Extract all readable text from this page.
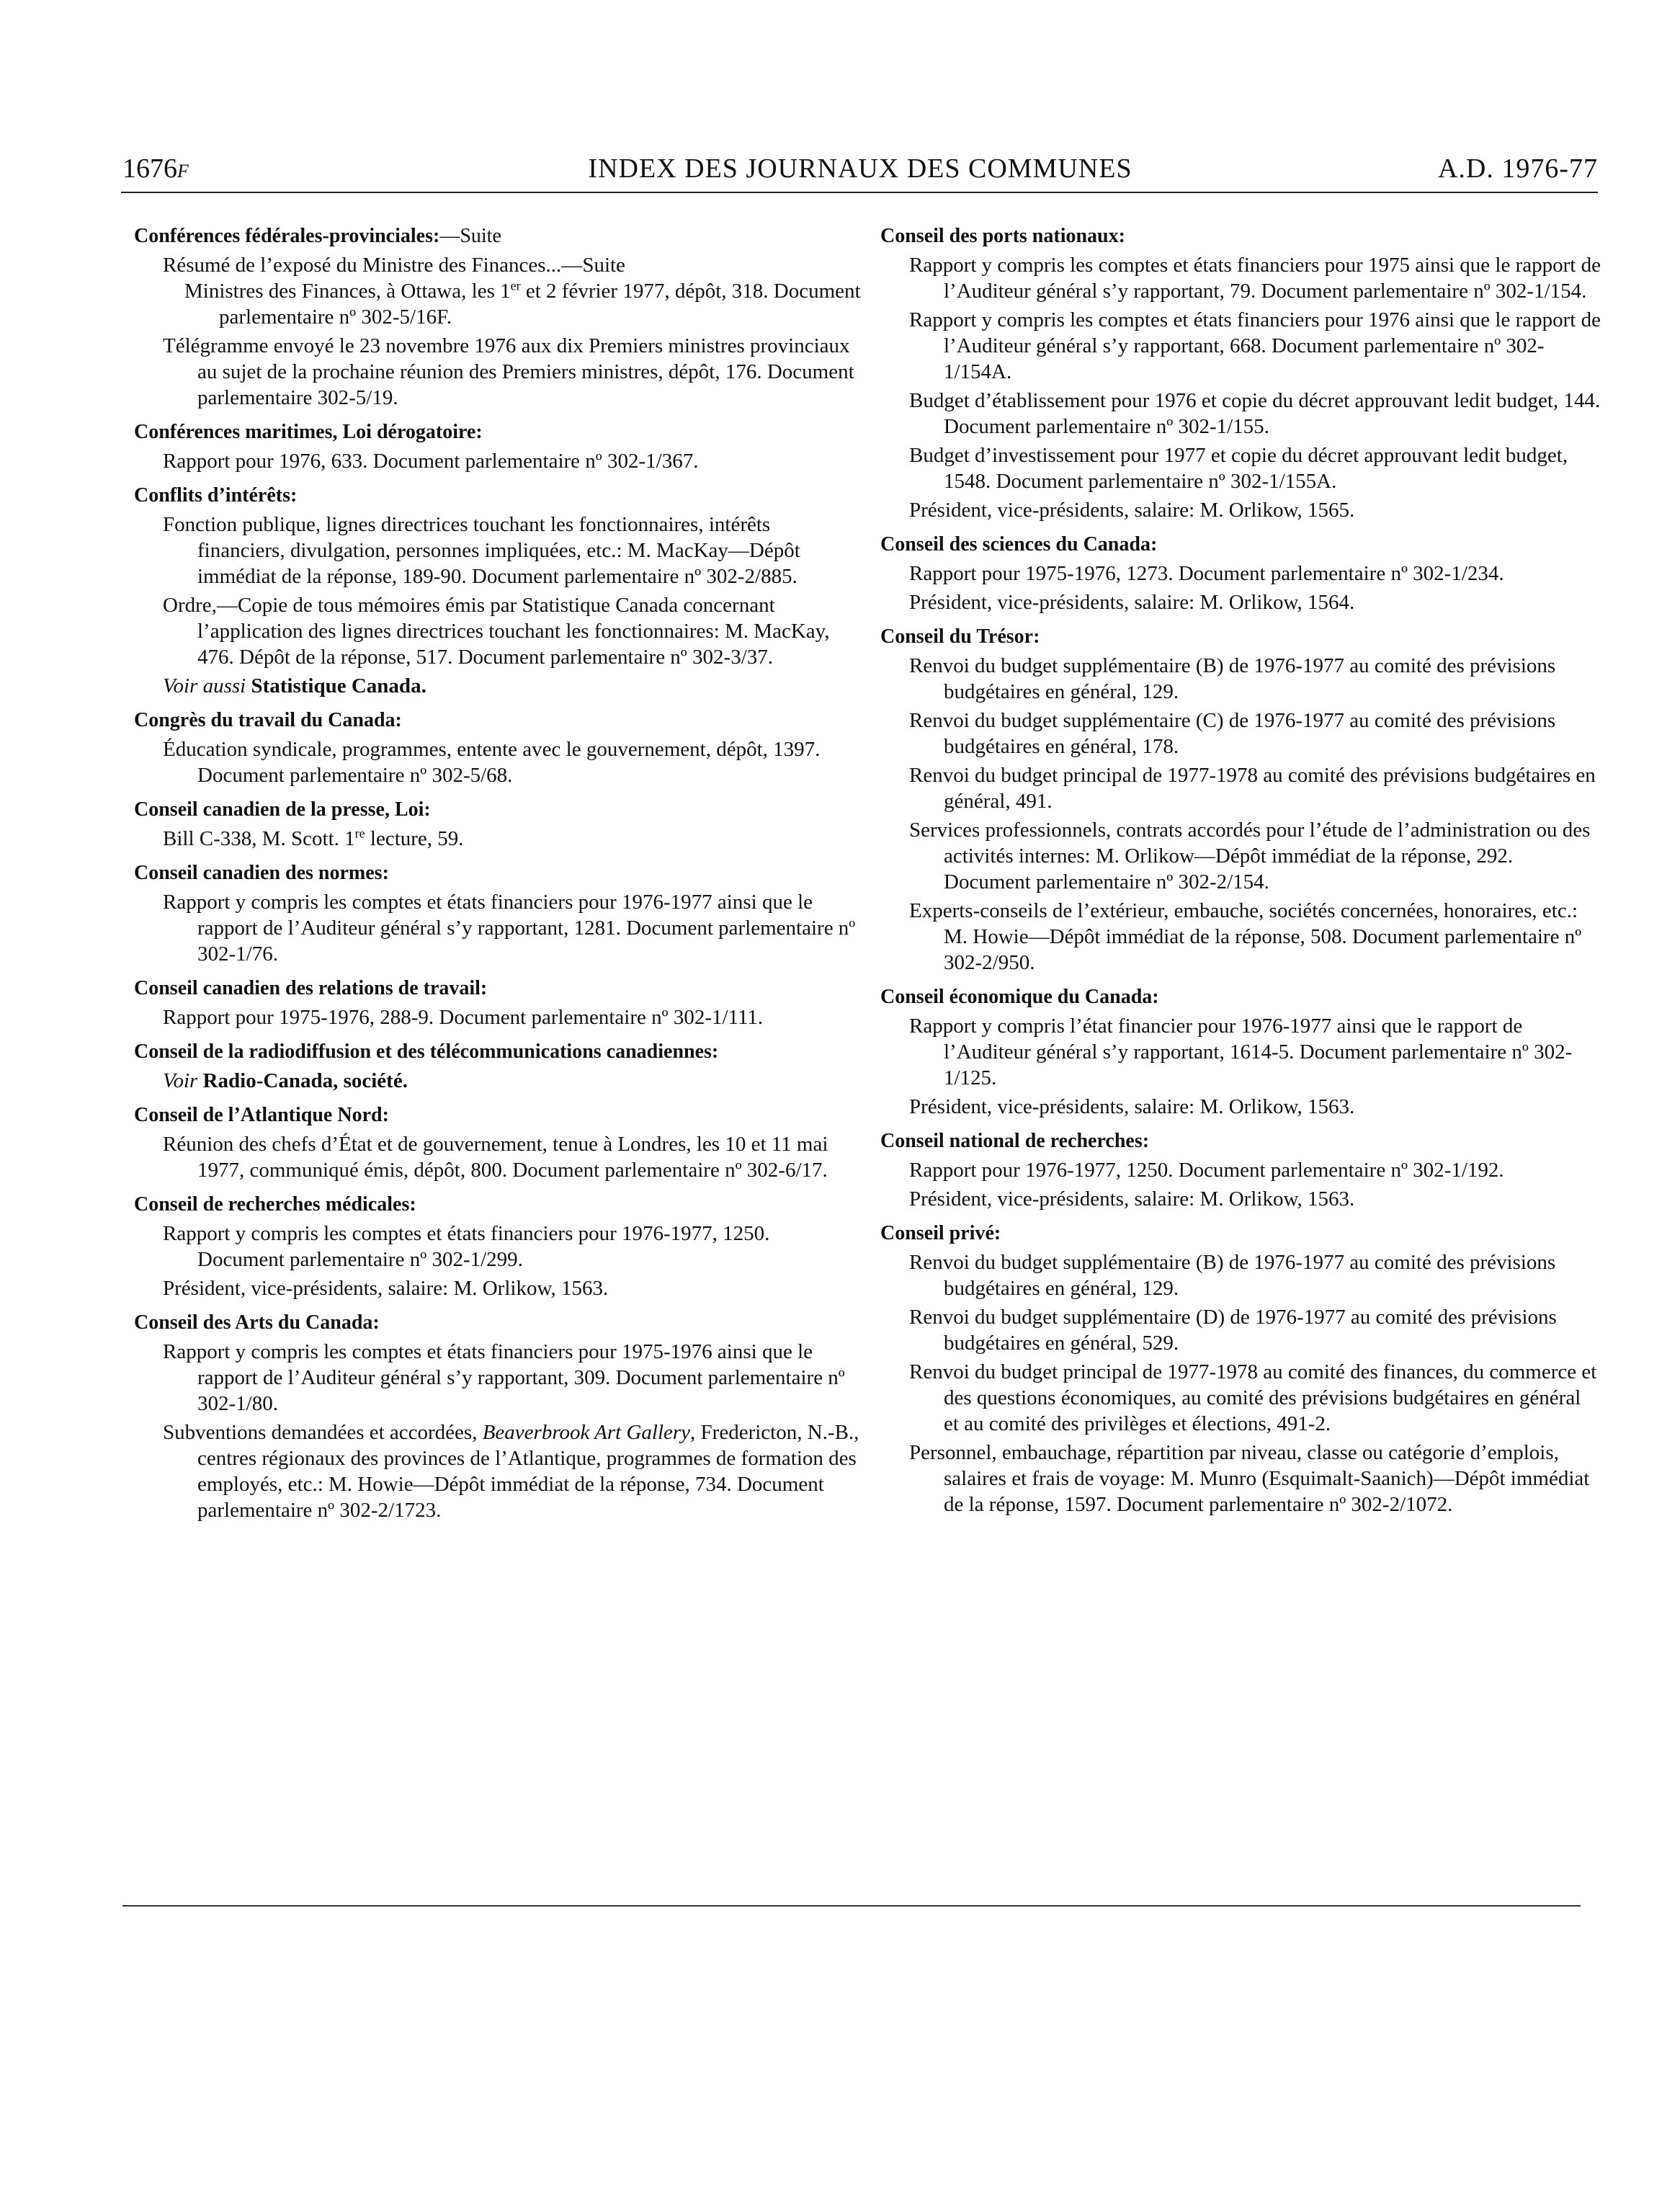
INDEX DES JOURNAUX DES COMMUNES
1676F	A.D. 1976-77

Conférences fédérales-provinciales:—Suite

Résumé de l’exposé du Ministre des Finances...—Suite

Ministres des Finances, à Ottawa, les 1er et 2 février 1977, dépôt, 318. Document parlementaire nº 302-5/16F.

Télégramme envoyé le 23 novembre 1976 aux dix Premiers ministres provinciaux au sujet de la prochaine réunion des Premiers ministres, dépôt, 176. Document parlementaire 302-5/19.

Conférences maritimes, Loi dérogatoire:

Rapport pour 1976, 633. Document parlementaire nº 302-1/367.

Conflits d’intérêts:

Fonction publique, lignes directrices touchant les fonctionnaires, intérêts financiers, divulgation, personnes impliquées, etc.: M. MacKay—Dépôt immédiat de la réponse, 189-90. Document parlementaire nº 302-2/885.

Ordre,—Copie de tous mémoires émis par Statistique Canada concernant l’application des lignes directrices touchant les fonctionnaires: M. MacKay, 476. Dépôt de la réponse, 517. Document parlementaire nº 302-3/37.

Voir aussi Statistique Canada.

Congrès du travail du Canada:

Éducation syndicale, programmes, entente avec le gouvernement, dépôt, 1397. Document parlementaire nº 302-5/68.

Conseil canadien de la presse, Loi:

Bill C-338, M. Scott. 1re lecture, 59.

Conseil canadien des normes:

Rapport y compris les comptes et états financiers pour 1976-1977 ainsi que le rapport de l’Auditeur général s’y rapportant, 1281. Document parlementaire nº 302-1/76.

Conseil canadien des relations de travail:

Rapport pour 1975-1976, 288-9. Document parlementaire nº 302-1/111.

Conseil de la radiodiffusion et des télécommunications canadiennes:

Voir Radio-Canada, société.

Conseil de l’Atlantique Nord:

Réunion des chefs d’État et de gouvernement, tenue à Londres, les 10 et 11 mai 1977, communiqué émis, dépôt, 800. Document parlementaire nº 302-6/17.

Conseil de recherches médicales:

Rapport y compris les comptes et états financiers pour 1976-1977, 1250. Document parlementaire nº 302-1/299.

Président, vice-présidents, salaire: M. Orlikow, 1563.

Conseil des Arts du Canada:

Rapport y compris les comptes et états financiers pour 1975-1976 ainsi que le rapport de l’Auditeur général s’y rapportant, 309. Document parlementaire nº 302-1/80.

Subventions demandées et accordées, Beaverbrook Art Gallery, Fredericton, N.-B., centres régionaux des provinces de l’Atlantique, programmes de formation des employés, etc.: M. Howie—Dépôt immédiat de la réponse, 734. Document parlementaire nº 302-2/1723.

Conseil des ports nationaux:

Rapport y compris les comptes et états financiers pour 1975 ainsi que le rapport de l’Auditeur général s’y rapportant, 79. Document parlementaire nº 302-1/154.

Rapport y compris les comptes et états financiers pour 1976 ainsi que le rapport de l’Auditeur général s’y rapportant, 668. Document parlementaire nº 302-1/154A.

Budget d’établissement pour 1976 et copie du décret approuvant ledit budget, 144. Document parlementaire nº 302-1/155.

Budget d’investissement pour 1977 et copie du décret approuvant ledit budget, 1548. Document parlementaire nº 302-1/155A.

Président, vice-présidents, salaire: M. Orlikow, 1565.

Conseil des sciences du Canada:

Rapport pour 1975-1976, 1273. Document parlementaire nº 302-1/234.

Président, vice-présidents, salaire: M. Orlikow, 1564.

Conseil du Trésor:

Renvoi du budget supplémentaire (B) de 1976-1977 au comité des prévisions budgétaires en général, 129.

Renvoi du budget supplémentaire (C) de 1976-1977 au comité des prévisions budgétaires en général, 178.

Renvoi du budget principal de 1977-1978 au comité des prévisions budgétaires en général, 491.

Services professionnels, contrats accordés pour l’étude de l’administration ou des activités internes: M. Orlikow—Dépôt immédiat de la réponse, 292. Document parlementaire nº 302-2/154.

Experts-conseils de l’extérieur, embauche, sociétés concernées, honoraires, etc.: M. Howie—Dépôt immédiat de la réponse, 508. Document parlementaire nº 302-2/950.

Conseil économique du Canada:

Rapport y compris l’état financier pour 1976-1977 ainsi que le rapport de l’Auditeur général s’y rapportant, 1614-5. Document parlementaire nº 302-1/125.

Président, vice-présidents, salaire: M. Orlikow, 1563.

Conseil national de recherches:

Rapport pour 1976-1977, 1250. Document parlementaire nº 302-1/192.

Président, vice-présidents, salaire: M. Orlikow, 1563.

Conseil privé:

Renvoi du budget supplémentaire (B) de 1976-1977 au comité des prévisions budgétaires en général, 129.

Renvoi du budget supplémentaire (D) de 1976-1977 au comité des prévisions budgétaires en général, 529.

Renvoi du budget principal de 1977-1978 au comité des finances, du commerce et des questions économiques, au comité des prévisions budgétaires en général et au comité des privilèges et élections, 491-2.

Personnel, embauchage, répartition par niveau, classe ou catégorie d’emplois, salaires et frais de voyage: M. Munro (Esquimalt-Saanich)—Dépôt immédiat de la réponse, 1597. Document parlementaire nº 302-2/1072.
